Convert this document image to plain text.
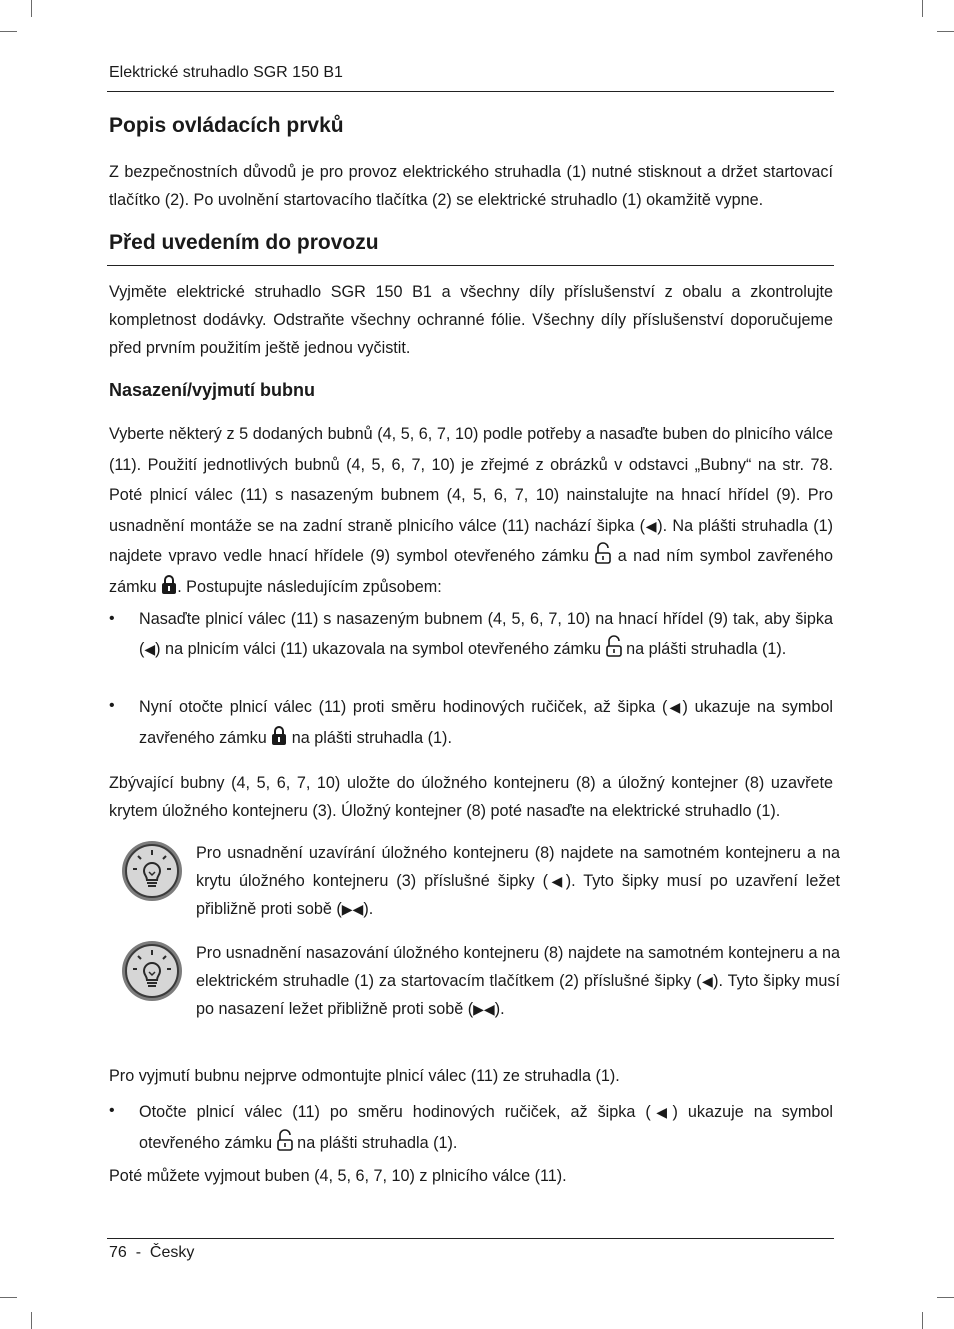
Elektrické struhadlo SGR 150 B1
Popis ovládacích prvků

Z bezpečnostních důvodů je pro provoz elektrického struhadla (1) nutné stisknout a držet startovací tlačítko (2). Po uvolnění startovacího tlačítka (2) se elektrické struhadlo (1) okamžitě vypne.

Před uvedením do provozu

Vyjměte elektrické struhadlo SGR 150 B1 a všechny díly příslušenství z obalu a zkontrolujte kompletnost dodávky. Odstraňte všechny ochranné fólie. Všechny díly příslušenství doporučujeme před prvním použitím ještě jednou vyčistit.

Nasazení/vyjmutí bubnu

Vyberte některý z 5 dodaných bubnů (4, 5, 6, 7, 10) podle potřeby a nasaďte buben do plnicího válce (11). Použití jednotlivých bubnů (4, 5, 6, 7, 10) je zřejmé z obrázků v odstavci „Bubny“ na str. 78. Poté plnicí válec (11) s nasazeným bubnem (4, 5, 6, 7, 10) nainstalujte na hnací hřídel (9). Pro usnadnění montáže se na zadní straně plnicího válce (11) nachází šipka (◀). Na plášti struhadla (1) najdete vpravo vedle hnací hřídele (9) symbol otevřeného zámku  a nad ním symbol zavřeného zámku . Postupujte následujícím způsobem:

• Nasaďte plnicí válec (11) s nasazeným bubnem (4, 5, 6, 7, 10) na hnací hřídel (9) tak, aby šipka (◀) na plnicím válci (11) ukazovala na symbol otevřeného zámku  na plášti struhadla (1).
• Nyní otočte plnicí válec (11) proti směru hodinových ručiček, až šipka (◀) ukazuje na symbol zavřeného zámku  na plášti struhadla (1).

Zbývající bubny (4, 5, 6, 7, 10) uložte do úložného kontejneru (8) a úložný kontejner (8) uzavřete krytem úložného kontejneru (3). Úložný kontejner (8) poté nasaďte na elektrické struhadlo (1).

Pro usnadnění uzavírání úložného kontejneru (8) najdete na samotném kontejneru a na krytu úložného kontejneru (3) příslušné šipky (◀). Tyto šipky musí po uzavření ležet přibližně proti sobě (▶◀).

Pro usnadnění nasazování úložného kontejneru (8) najdete na samotném kontejneru a na elektrickém struhadle (1) za startovacím tlačítkem (2) příslušné šipky (◀). Tyto šipky musí po nasazení ležet přibližně proti sobě (▶◀).

Pro vyjmutí bubnu nejprve odmontujte plnicí válec (11) ze struhadla (1).

• Otočte plnicí válec (11) po směru hodinových ručiček, až šipka (◀) ukazuje na symbol otevřeného zámku  na plášti struhadla (1).

Poté můžete vyjmout buben (4, 5, 6, 7, 10) z plnicího válce (11).

76  -  Česky
